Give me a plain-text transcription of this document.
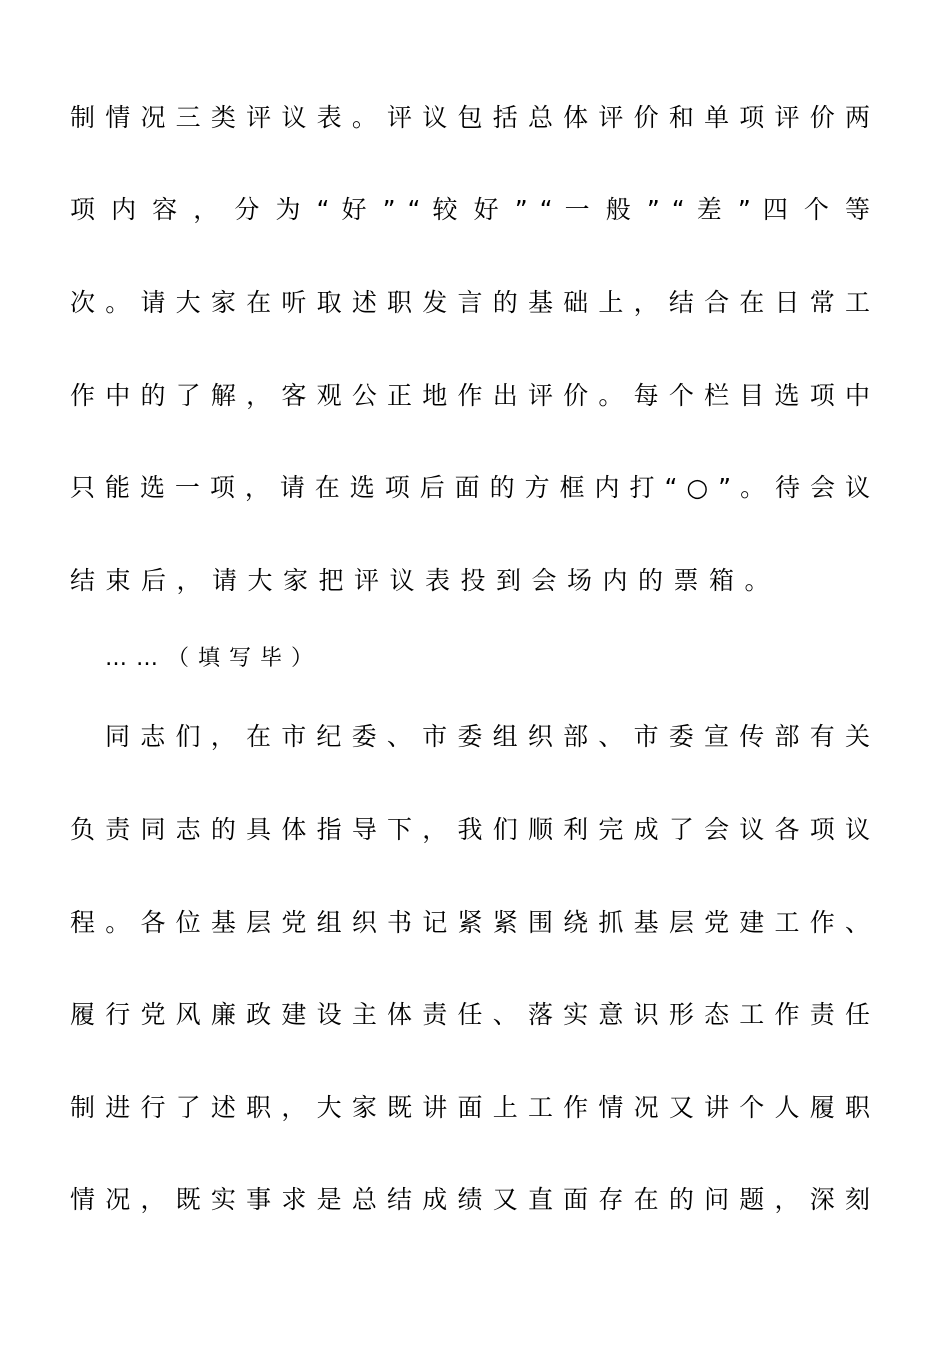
制 情 况 三 类 评 议 表 。 评 议 包 括 总 体 评 价 和 单 项 评 价 两
项 内 容 ， 分 为 “ 好 ” “ 较 好 ” “ 一 般 ” “ 差 ” 四 个 等
次 。 请 大 家 在 听 取 述 职 发 言 的 基 础 上 ， 结 合 在 日 常 工
作 中 的 了 解 ， 客 观 公 正 地 作 出 评 价 。 每 个 栏 目 选 项 中
只 能 选 一 项 ， 请 在 选 项 后 面 的 方 框 内 打 “ ○ ” 。 待 会 议
结束后，请大家把评议表投到会场内的票箱。
……（填写毕）
同 志 们 ， 在 市 纪 委 、 市 委 组 织 部 、 市 委 宣 传 部 有 关
负 责 同 志 的 具 体 指 导 下 ， 我 们 顺 利 完 成 了 会 议 各 项 议
程 。 各 位 基 层 党 组 织 书 记 紧 紧 围 绕 抓 基 层 党 建 工 作 、
履 行 党 风 廉 政 建 设 主 体 责 任 、 落 实 意 识 形 态 工 作 责 任
制 进 行 了 述 职 ， 大 家 既 讲 面 上 工 作 情 况 又 讲 个 人 履 职
情 况 ， 既 实 事 求 是 总 结 成 绩 又 直 面 存 在 的 问 题 ， 深 刻
